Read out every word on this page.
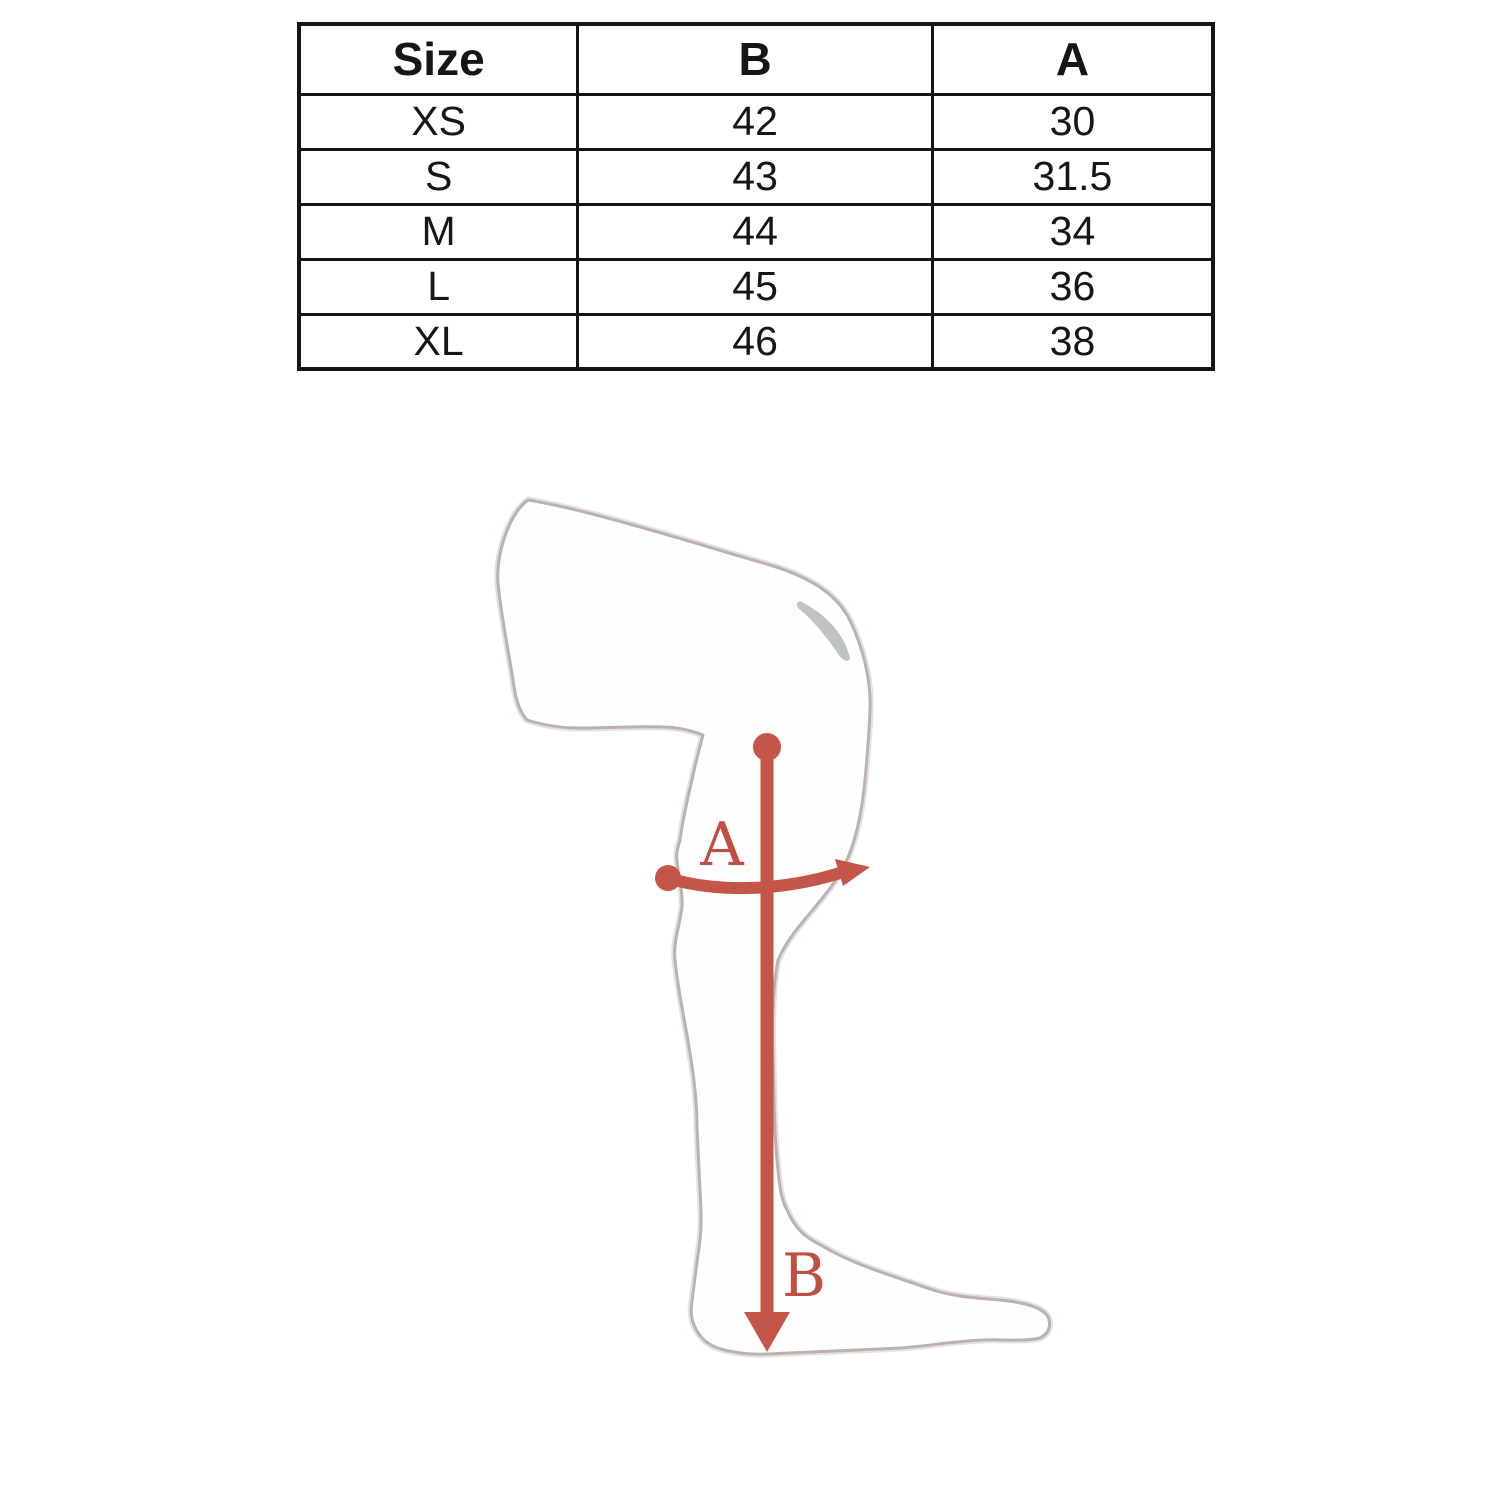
Size	B	A
XS	42	30
S	43	31.5
M	44	34
L	45	36
XL	46	38
A
B
